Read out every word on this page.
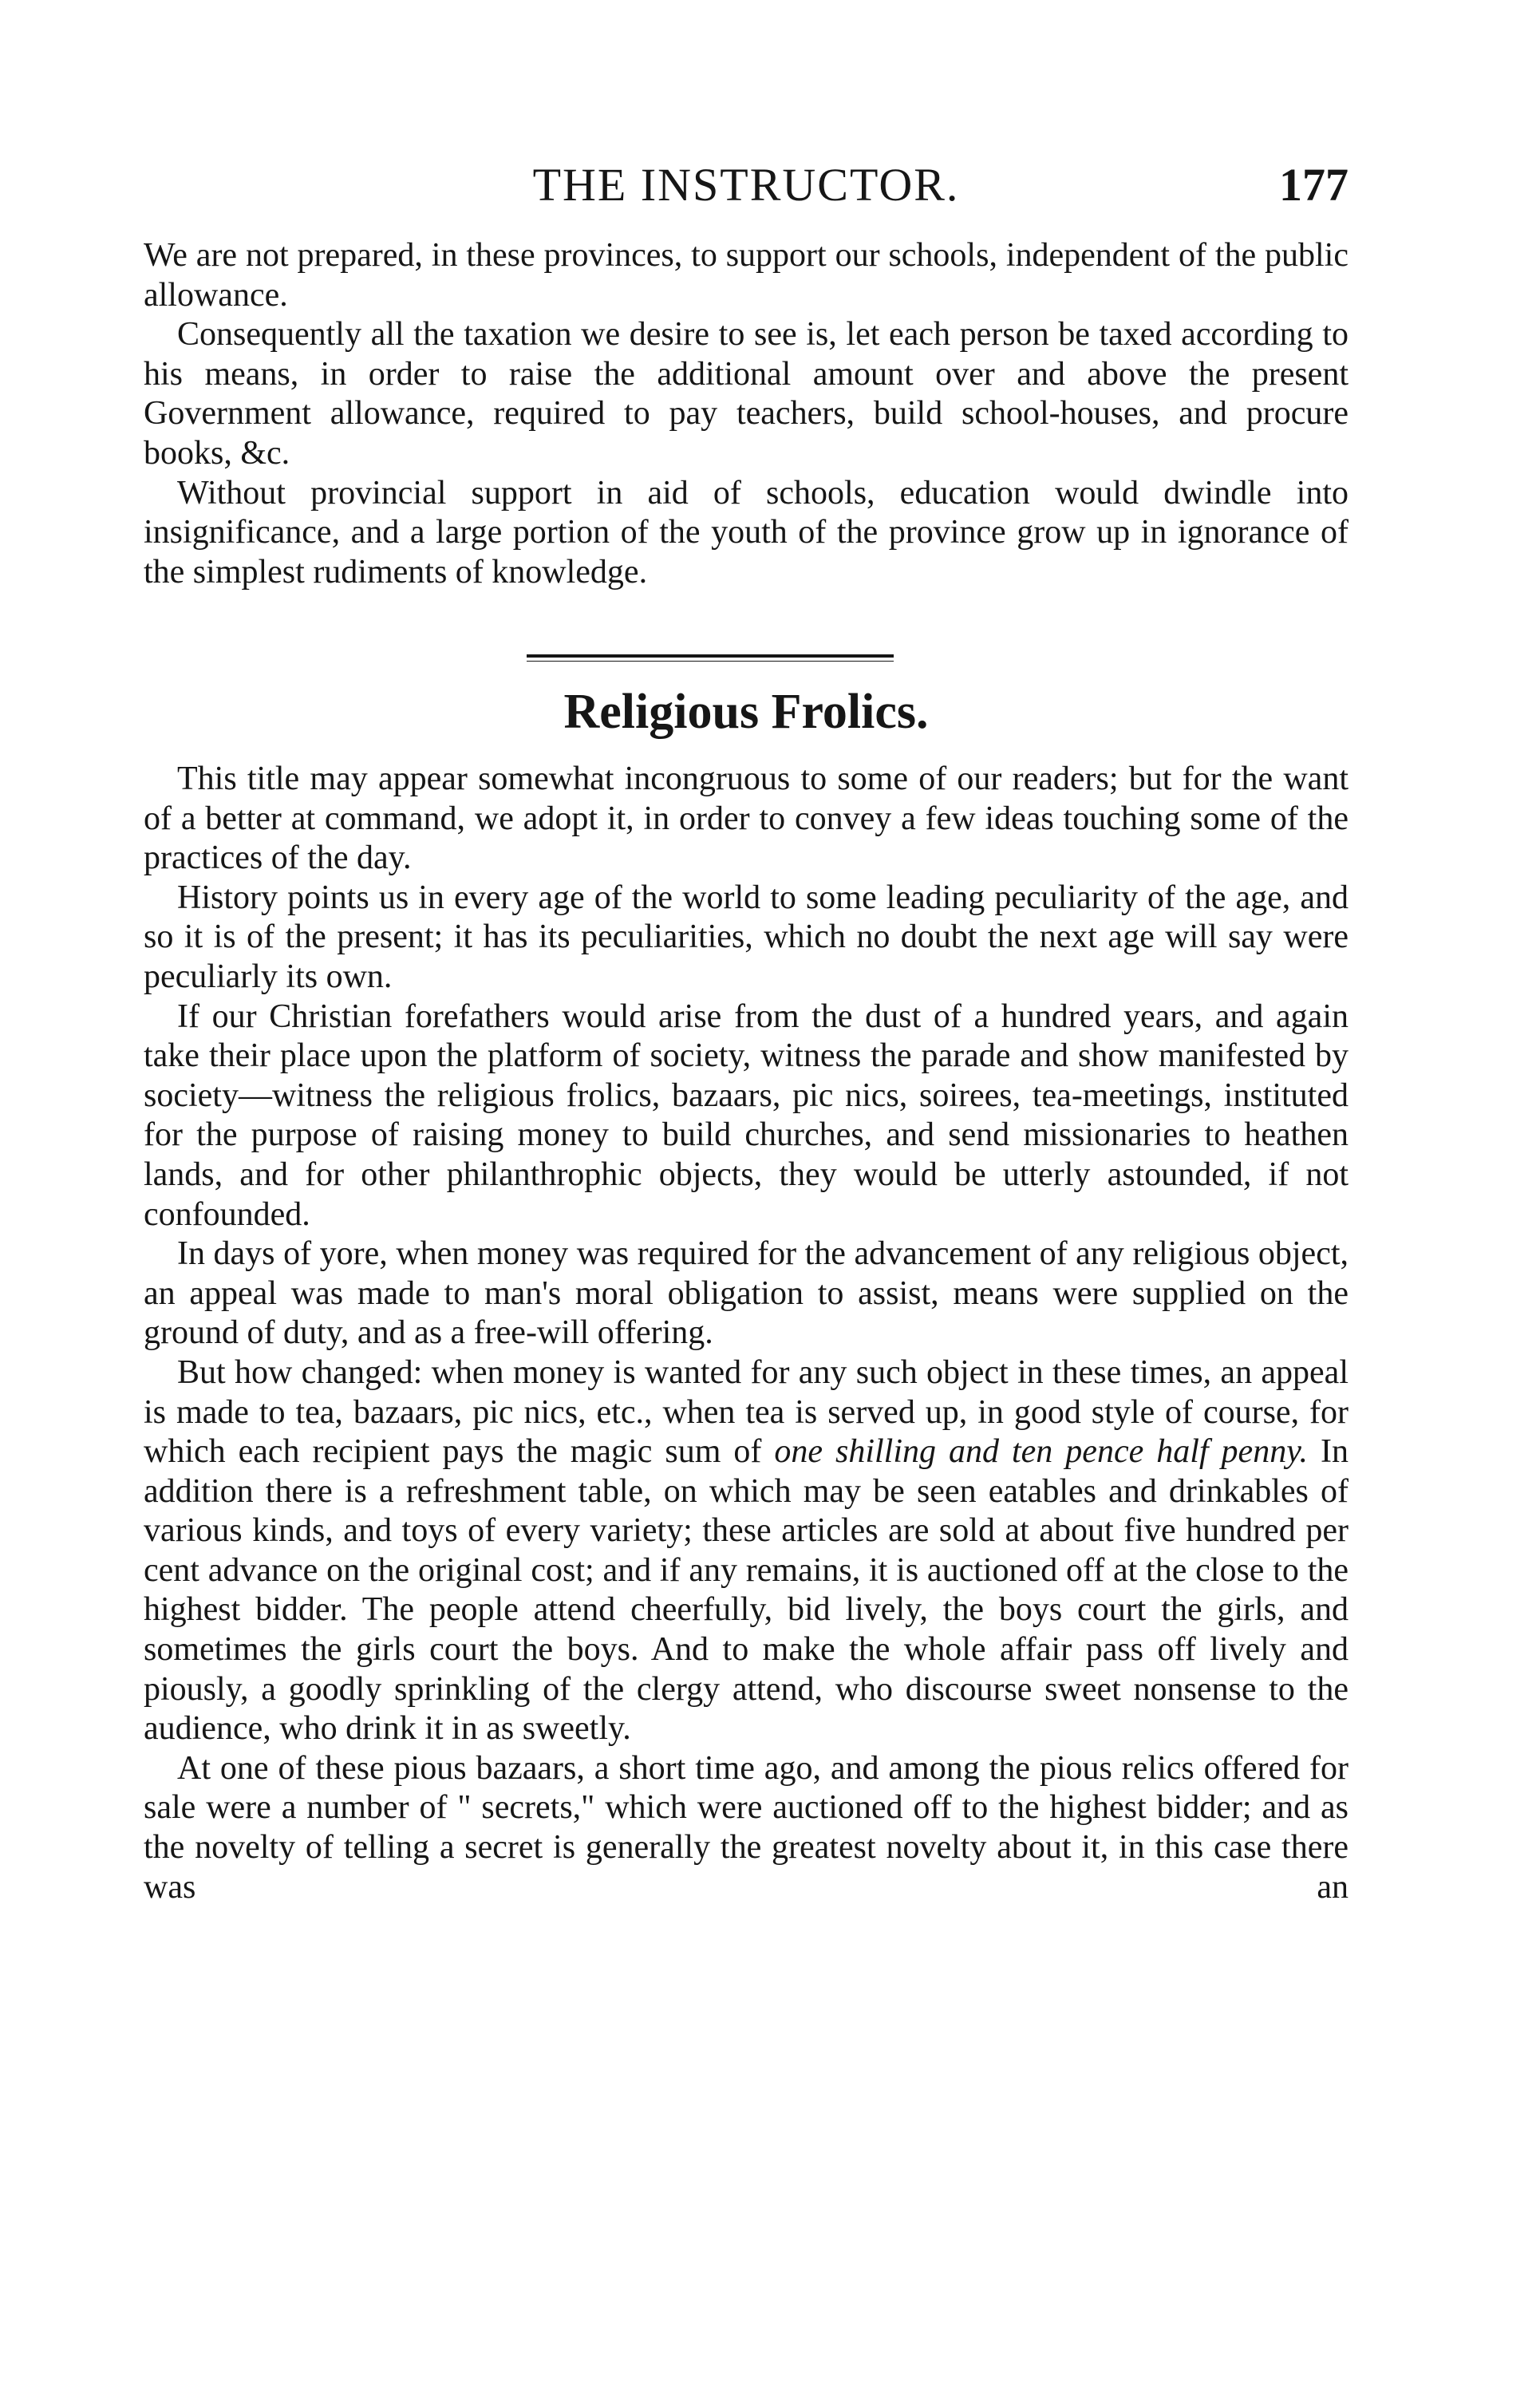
THE INSTRUCTOR.	177

We are not prepared, in these provinces, to support our schools, independent of the public allowance.

Consequently all the taxation we desire to see is, let each person be taxed according to his means, in order to raise the additional amount over and above the present Government allowance, required to pay teachers, build school-houses, and procure books, &c.

Without provincial support in aid of schools, education would dwindle into insignificance, and a large portion of the youth of the province grow up in ignorance of the simplest rudiments of knowledge.

Religious Frolics.

This title may appear somewhat incongruous to some of our readers; but for the want of a better at command, we adopt it, in order to convey a few ideas touching some of the practices of the day.

History points us in every age of the world to some leading peculiarity of the age, and so it is of the present; it has its peculiarities, which no doubt the next age will say were peculiarly its own.

If our Christian forefathers would arise from the dust of a hundred years, and again take their place upon the platform of society, witness the parade and show manifested by society—witness the religious frolics, bazaars, pic nics, soirees, tea-meetings, instituted for the purpose of raising money to build churches, and send missionaries to heathen lands, and for other philanthrophic objects, they would be utterly astounded, if not confounded.

In days of yore, when money was required for the advancement of any religious object, an appeal was made to man's moral obligation to assist, means were supplied on the ground of duty, and as a free-will offering.

But how changed: when money is wanted for any such object in these times, an appeal is made to tea, bazaars, pic nics, etc., when tea is served up, in good style of course, for which each recipient pays the magic sum of one shilling and ten pence half penny. In addition there is a refreshment table, on which may be seen eatables and drinkables of various kinds, and toys of every variety; these articles are sold at about five hundred per cent advance on the original cost; and if any remains, it is auctioned off at the close to the highest bidder. The people attend cheerfully, bid lively, the boys court the girls, and sometimes the girls court the boys. And to make the whole affair pass off lively and piously, a goodly sprinkling of the clergy attend, who discourse sweet nonsense to the audience, who drink it in as sweetly.

At one of these pious bazaars, a short time ago, and among the pious relics offered for sale were a number of " secrets," which were auctioned off to the highest bidder; and as the novelty of telling a secret is generally the greatest novelty about it, in this case there was an
